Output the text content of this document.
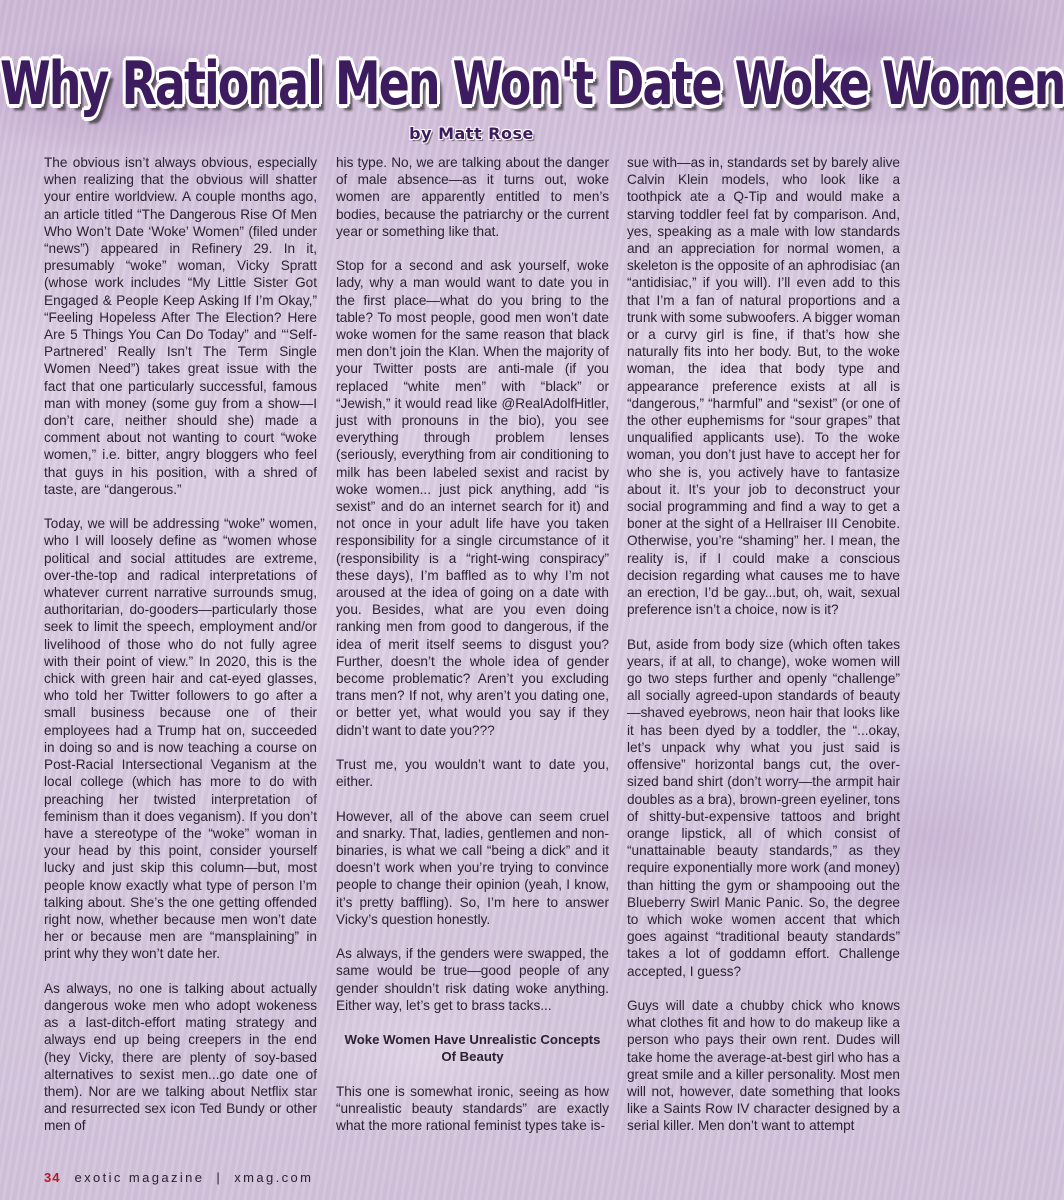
Why Rational Men Won't Date Woke Women
by Matt Rose

The obvious isn’t always obvious, especially when realizing that the obvious will shatter your entire worldview. A couple months ago, an article titled “The Dangerous Rise Of Men Who Won’t Date ‘Woke’ Women” (filed under “news”) appeared in Refinery 29. In it, presumably “woke” woman, Vicky Spratt (whose work includes “My Little Sister Got Engaged & People Keep Asking If I’m Okay,” “Feeling Hopeless After The Election? Here Are 5 Things You Can Do Today” and “‘Self-Partnered’ Really Isn’t The Term Single Women Need”) takes great issue with the fact that one particularly successful, famous man with money (some guy from a show—I don’t care, neither should she) made a comment about not wanting to court “woke women,” i.e. bitter, angry bloggers who feel that guys in his position, with a shred of taste, are “dangerous.”

Today, we will be addressing “woke” women, who I will loosely define as “women whose political and social attitudes are extreme, over-the-top and radical interpretations of whatever current narrative surrounds smug, authoritarian, do-gooders—particularly those seek to limit the speech, employment and/or livelihood of those who do not fully agree with their point of view.” In 2020, this is the chick with green hair and cat-eyed glasses, who told her Twitter followers to go after a small business because one of their employees had a Trump hat on, succeeded in doing so and is now teaching a course on Post-Racial Intersectional Veganism at the local college (which has more to do with preaching her twisted interpretation of feminism than it does veganism). If you don’t have a stereotype of the “woke” woman in your head by this point, consider yourself lucky and just skip this column—but, most people know exactly what type of person I’m talking about. She’s the one getting offended right now, whether because men won’t date her or because men are “mansplaining” in print why they won’t date her.

As always, no one is talking about actually dangerous woke men who adopt wokeness as a last-ditch-effort mating strategy and always end up being creepers in the end (hey Vicky, there are plenty of soy-based alternatives to sexist men...go date one of them). Nor are we talking about Netflix star and resurrected sex icon Ted Bundy or other men of

his type. No, we are talking about the danger of male absence—as it turns out, woke women are apparently entitled to men’s bodies, because the patriarchy or the current year or something like that.

Stop for a second and ask yourself, woke lady, why a man would want to date you in the first place—what do you bring to the table? To most people, good men won’t date woke women for the same reason that black men don’t join the Klan. When the majority of your Twitter posts are anti-male (if you replaced “white men” with “black” or “Jewish,” it would read like @RealAdolfHitler, just with pronouns in the bio), you see everything through problem lenses (seriously, everything from air conditioning to milk has been labeled sexist and racist by woke women... just pick anything, add “is sexist” and do an internet search for it) and not once in your adult life have you taken responsibility for a single circumstance of it (responsibility is a “right-wing conspiracy” these days), I’m baffled as to why I’m not aroused at the idea of going on a date with you. Besides, what are you even doing ranking men from good to dangerous, if the idea of merit itself seems to disgust you? Further, doesn’t the whole idea of gender become problematic? Aren’t you excluding trans men? If not, why aren’t you dating one, or better yet, what would you say if they didn’t want to date you???

Trust me, you wouldn’t want to date you, either.

However, all of the above can seem cruel and snarky. That, ladies, gentlemen and non-binaries, is what we call “being a dick” and it doesn’t work when you’re trying to convince people to change their opinion (yeah, I know, it’s pretty baffling). So, I’m here to answer Vicky’s question honestly.

As always, if the genders were swapped, the same would be true—good people of any gender shouldn’t risk dating woke anything. Either way, let’s get to brass tacks...

Woke Women Have Unrealistic Concepts Of Beauty

This one is somewhat ironic, seeing as how “unrealistic beauty standards” are exactly what the more rational feminist types take is-

sue with—as in, standards set by barely alive Calvin Klein models, who look like a toothpick ate a Q-Tip and would make a starving toddler feel fat by comparison. And, yes, speaking as a male with low standards and an appreciation for normal women, a skeleton is the opposite of an aphrodisiac (an “antidisiac,” if you will). I’ll even add to this that I’m a fan of natural proportions and a trunk with some subwoofers. A bigger woman or a curvy girl is fine, if that’s how she naturally fits into her body. But, to the woke woman, the idea that body type and appearance preference exists at all is “dangerous,” “harmful” and “sexist” (or one of the other euphemisms for “sour grapes” that unqualified applicants use). To the woke woman, you don’t just have to accept her for who she is, you actively have to fantasize about it. It’s your job to deconstruct your social programming and find a way to get a boner at the sight of a Hellraiser III Cenobite. Otherwise, you’re “shaming” her. I mean, the reality is, if I could make a conscious decision regarding what causes me to have an erection, I’d be gay...but, oh, wait, sexual preference isn’t a choice, now is it?

But, aside from body size (which often takes years, if at all, to change), woke women will go two steps further and openly “challenge” all socially agreed-upon standards of beauty—shaved eyebrows, neon hair that looks like it has been dyed by a toddler, the “...okay, let’s unpack why what you just said is offensive” horizontal bangs cut, the over-sized band shirt (don’t worry—the armpit hair doubles as a bra), brown-green eyeliner, tons of shitty-but-expensive tattoos and bright orange lipstick, all of which consist of “unattainable beauty standards,” as they require exponentially more work (and money) than hitting the gym or shampooing out the Blueberry Swirl Manic Panic. So, the degree to which woke women accent that which goes against “traditional beauty standards” takes a lot of goddamn effort. Challenge accepted, I guess?

Guys will date a chubby chick who knows what clothes fit and how to do makeup like a person who pays their own rent. Dudes will take home the average-at-best girl who has a great smile and a killer personality. Most men will not, however, date something that looks like a Saints Row IV character designed by a serial killer. Men don’t want to attempt

34 exotic magazine | xmag.com
